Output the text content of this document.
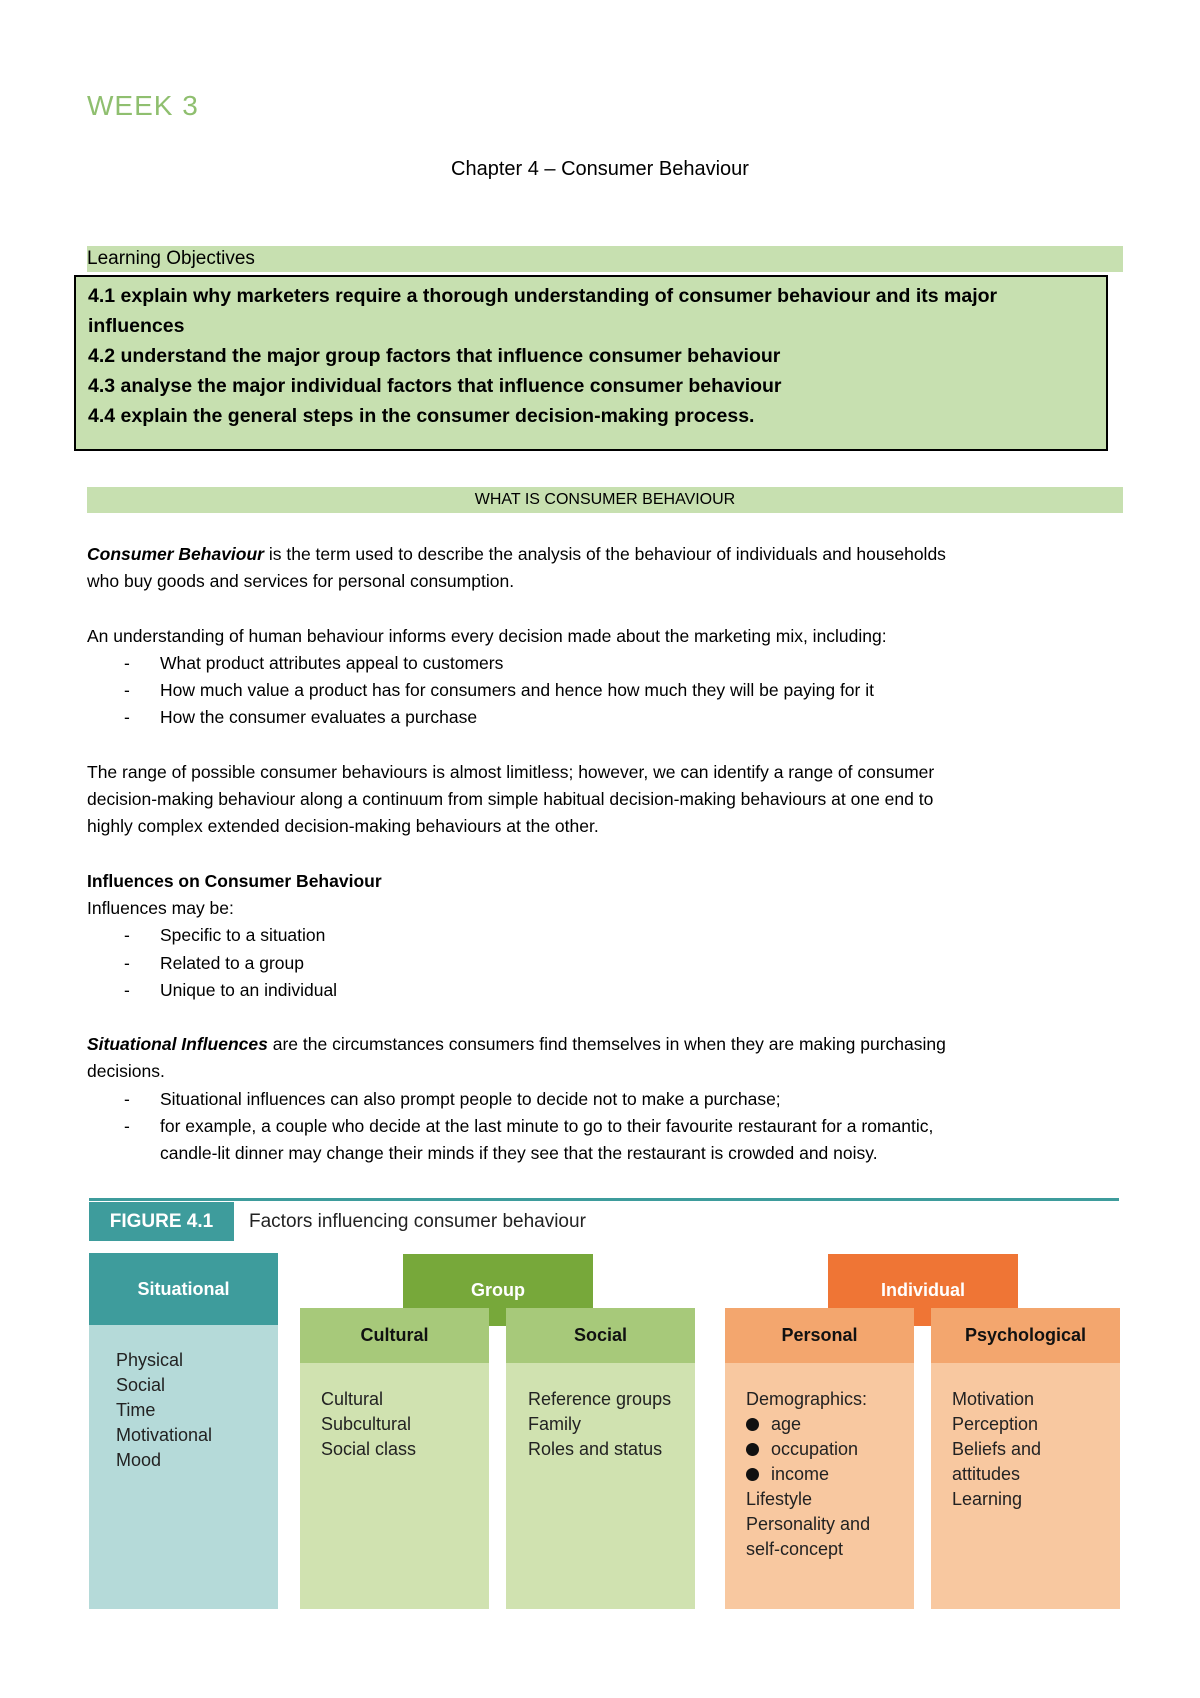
WEEK 3
Chapter 4 – Consumer Behaviour
Learning Objectives
4.1 explain why marketers require a thorough understanding of consumer behaviour and its major
influences
4.2 understand the major group factors that influence consumer behaviour
4.3 analyse the major individual factors that influence consumer behaviour
4.4 explain the general steps in the consumer decision-making process.
WHAT IS CONSUMER BEHAVIOUR

Consumer Behaviour is the term used to describe the analysis of the behaviour of individuals and households

who buy goods and services for personal consumption.

An understanding of human behaviour informs every decision made about the marketing mix, including:

-	What product attributes appeal to customers
-	How much value a product has for consumers and hence how much they will be paying for it
-	How the consumer evaluates a purchase

The range of possible consumer behaviours is almost limitless; however, we can identify a range of consumer

decision-making behaviour along a continuum from simple habitual decision-making behaviours at one end to

highly complex extended decision-making behaviours at the other.

Influences on Consumer Behaviour

Influences may be:

-	Specific to a situation
-	Related to a group
-	Unique to an individual

Situational Influences are the circumstances consumers find themselves in when they are making purchasing

decisions.

-	Situational influences can also prompt people to decide not to make a purchase;
-	for example, a couple who decide at the last minute to go to their favourite restaurant for a romantic,
candle-lit dinner may change their minds if they see that the restaurant is crowded and noisy.
FIGURE 4.1	Factors influencing consumer behaviour
Situational
Physical
Social
Time
Motivational
Mood
Group
Cultural
Cultural
Subcultural
Social class
Social
Reference groups
Family
Roles and status
Individual
Personal
Demographics:
age
occupation
income
Lifestyle
Personality and
self-concept
Psychological
Motivation
Perception
Beliefs and
attitudes
Learning
